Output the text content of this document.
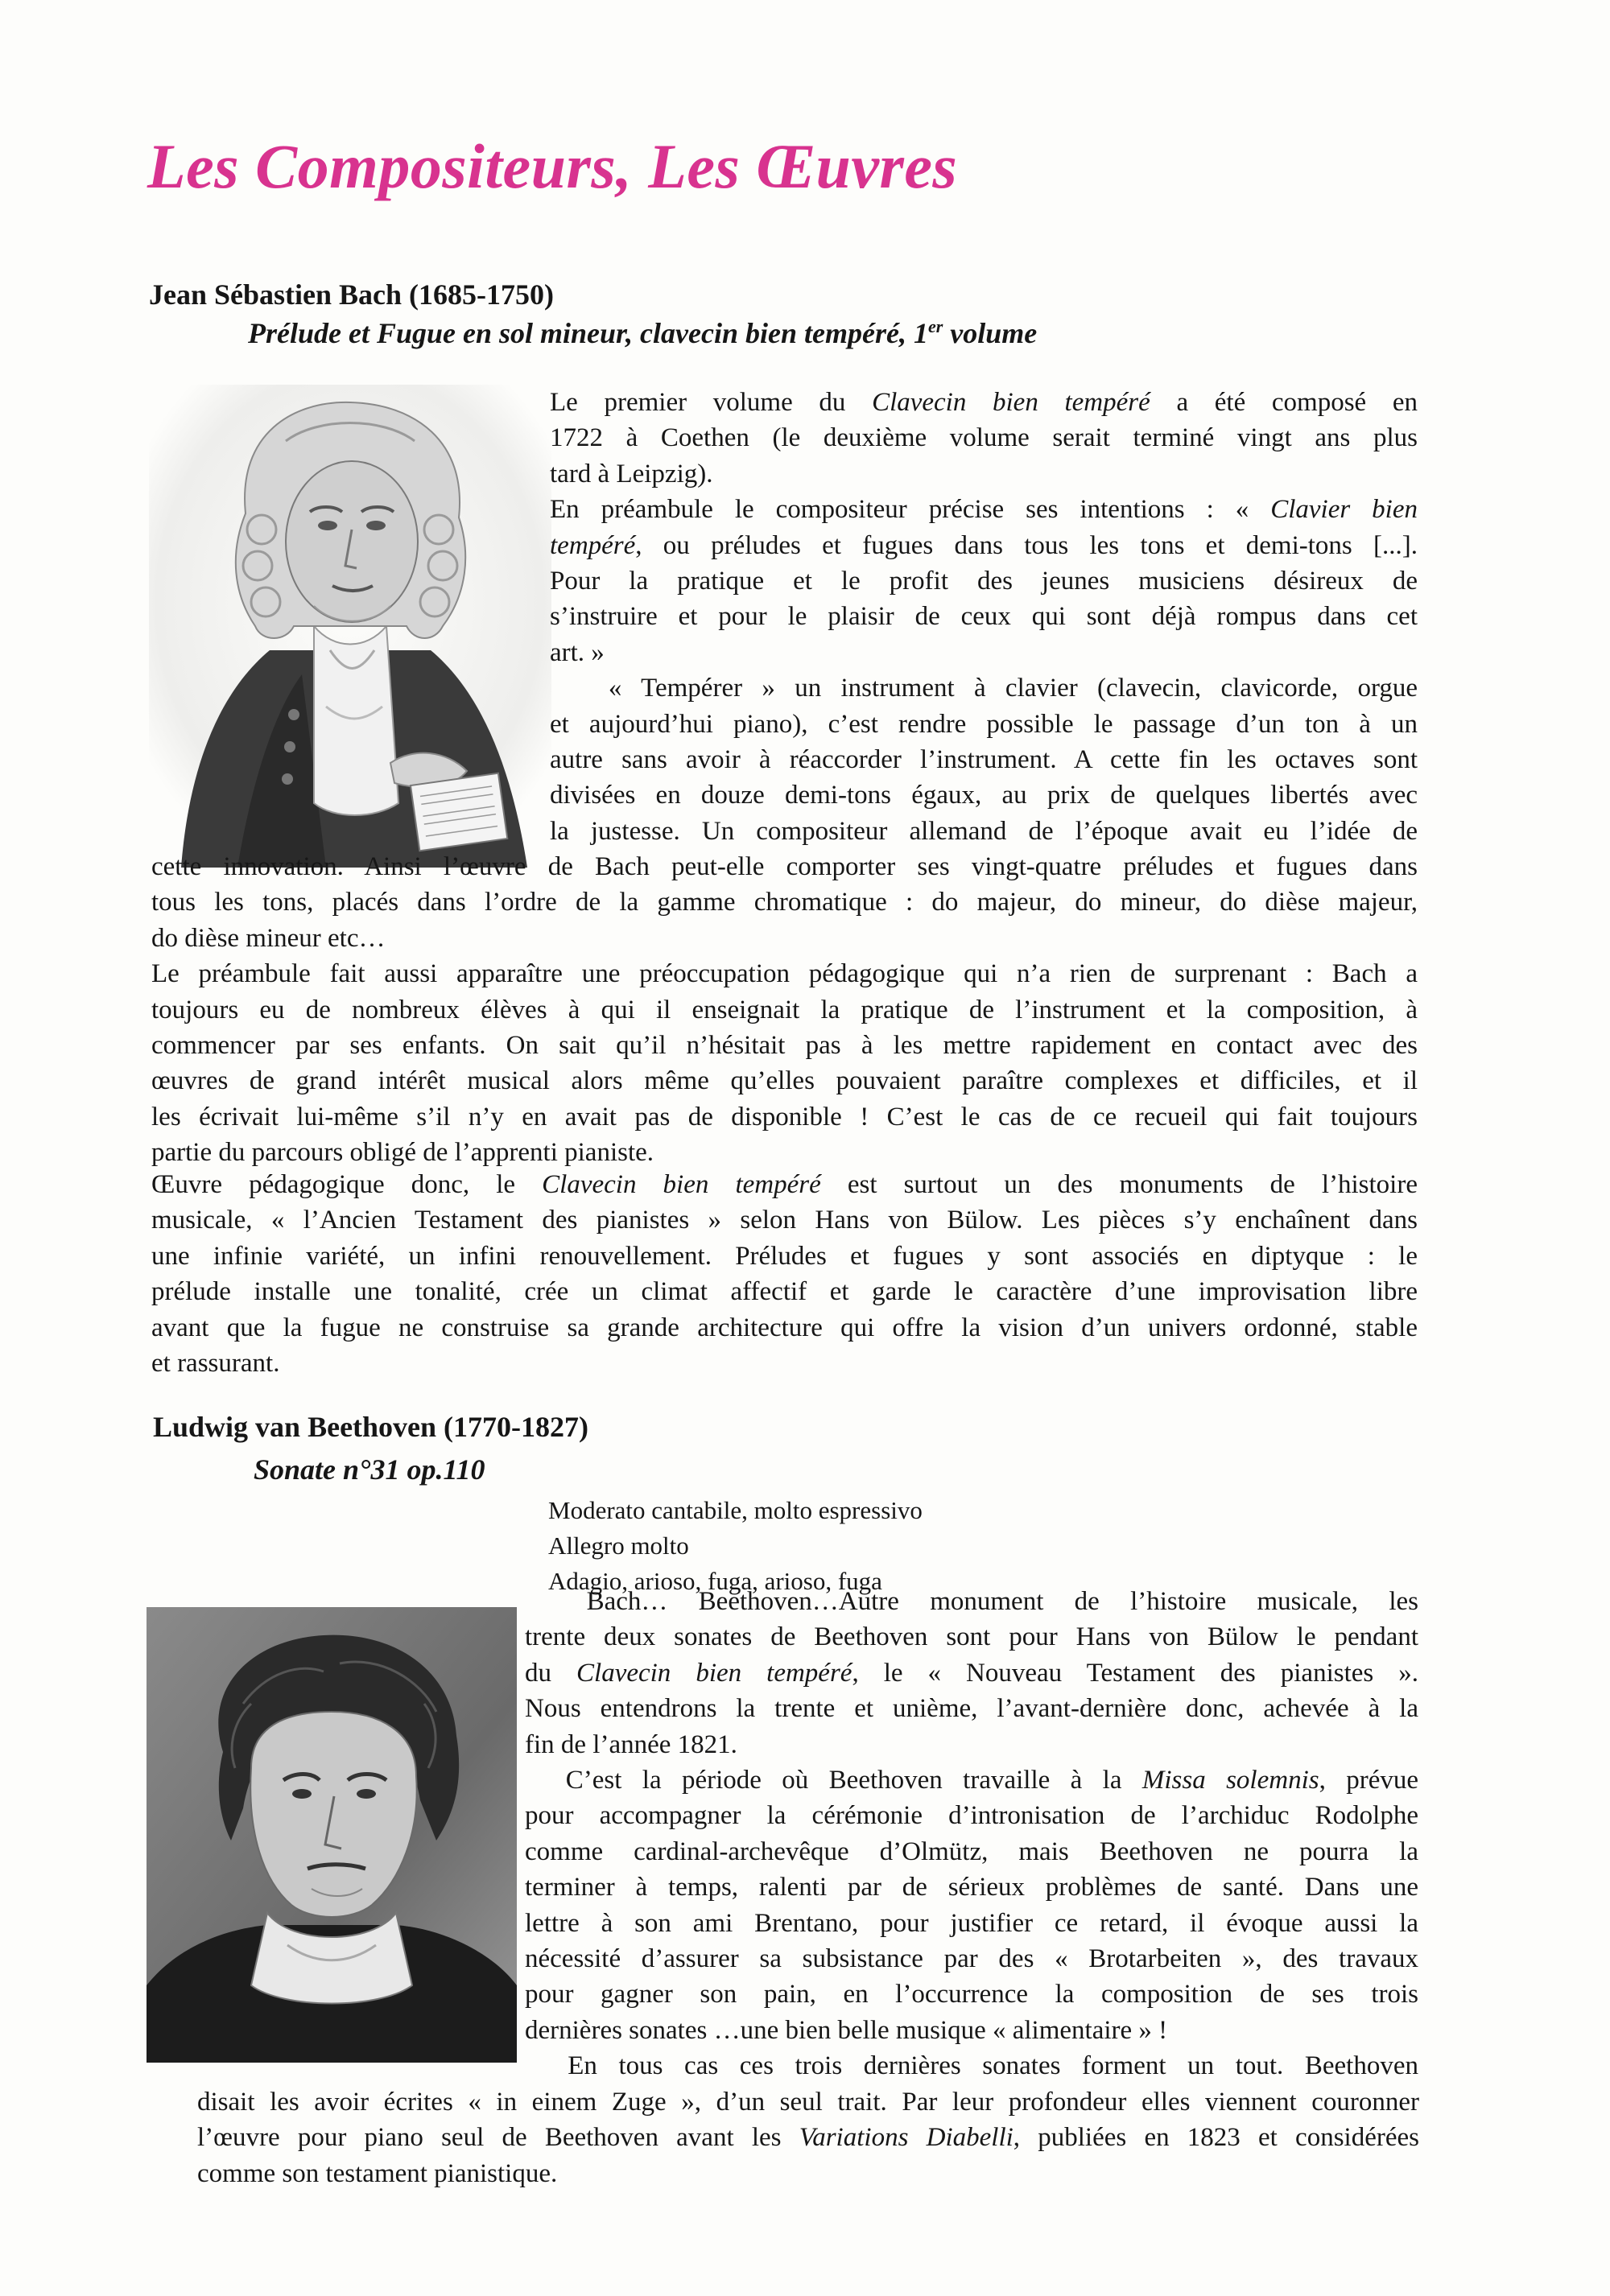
Les Compositeurs, Les Œuvres
Jean Sébastien Bach (1685-1750)
Prélude et Fugue en sol mineur, clavecin bien tempéré, 1er volume
Le premier volume du Clavecin bien tempéré a été composé en
1722 à Coethen (le deuxième volume serait terminé vingt ans plus
tard à Leipzig).
En préambule le compositeur précise ses intentions : « Clavier bien
tempéré, ou préludes et fugues dans tous les tons et demi-tons [...].
Pour la pratique et le profit des jeunes musiciens désireux de
s’instruire et pour le plaisir de ceux qui sont déjà rompus dans cet
art. »
« Tempérer » un instrument à clavier (clavecin, clavicorde, orgue
et aujourd’hui piano), c’est rendre possible le passage d’un ton à un
autre sans avoir à réaccorder l’instrument. A cette fin les octaves sont
divisées en douze demi-tons égaux, au prix de quelques libertés avec
la justesse. Un compositeur allemand de l’époque avait eu l’idée de
cette innovation. Ainsi l’œuvre de Bach peut-elle comporter ses vingt-quatre préludes et fugues dans
tous les tons, placés dans l’ordre de la gamme chromatique : do majeur, do mineur, do dièse majeur,
do dièse mineur etc…
Le préambule fait aussi apparaître une préoccupation pédagogique qui n’a rien de surprenant : Bach a
toujours eu de nombreux élèves à qui il enseignait la pratique de l’instrument et la composition, à
commencer par ses enfants. On sait qu’il n’hésitait pas à les mettre rapidement en contact avec des
œuvres de grand intérêt musical alors même qu’elles pouvaient paraître complexes et difficiles, et il
les écrivait lui-même s’il n’y en avait pas de disponible ! C’est le cas de ce recueil qui fait toujours
partie du parcours obligé de l’apprenti pianiste.
Œuvre pédagogique donc, le Clavecin bien tempéré est surtout un des monuments de l’histoire
musicale, « l’Ancien Testament des pianistes » selon Hans von Bülow. Les pièces s’y enchaînent dans
une infinie variété, un infini renouvellement. Préludes et fugues y sont associés en diptyque : le
prélude installe une tonalité, crée un climat affectif et garde le caractère d’une improvisation libre
avant que la fugue ne construise sa grande architecture qui offre la vision d’un univers ordonné, stable
et rassurant.
Ludwig van Beethoven (1770-1827)
Sonate n°31 op.110
Moderato cantabile, molto espressivo
Allegro molto
Adagio, arioso, fuga, arioso, fuga
Bach… Beethoven…Autre monument de l’histoire musicale, les
trente deux sonates de Beethoven sont pour Hans von Bülow le pendant
du Clavecin bien tempéré, le « Nouveau Testament des pianistes ».
Nous entendrons la trente et unième, l’avant-dernière donc, achevée à la
fin de l’année 1821.
C’est la période où Beethoven travaille à la Missa solemnis, prévue
pour accompagner la cérémonie d’intronisation de l’archiduc Rodolphe
comme cardinal-archevêque d’Olmütz, mais Beethoven ne pourra la
terminer à temps, ralenti par de sérieux problèmes de santé. Dans une
lettre à son ami Brentano, pour justifier ce retard, il évoque aussi la
nécessité d’assurer sa subsistance par des « Brotarbeiten », des travaux
pour gagner son pain, en l’occurrence la composition de ses trois
dernières sonates …une bien belle musique « alimentaire » !
En tous cas ces trois dernières sonates forment un tout. Beethoven
disait les avoir écrites « in einem Zuge », d’un seul trait. Par leur profondeur elles viennent couronner
l’œuvre pour piano seul de Beethoven avant les Variations Diabelli, publiées en 1823 et considérées
comme son testament pianistique.
